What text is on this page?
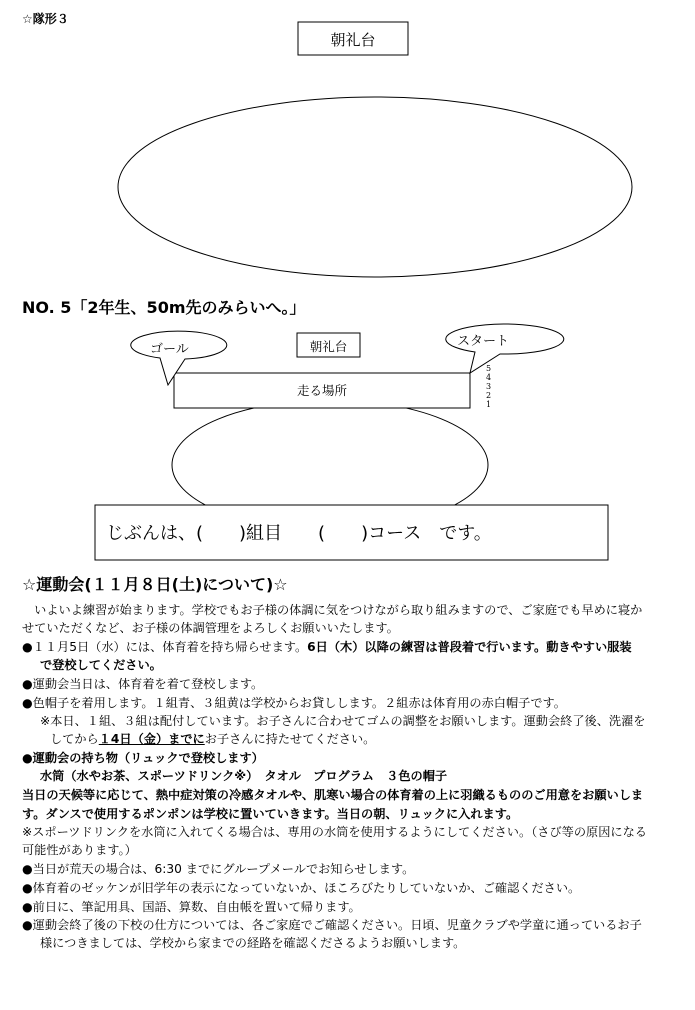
☆隊形３
朝礼台
NO. 5「2年生、50m先のみらいへ。」
ゴール	朝礼台	スタート
走る場所
5
4
3
2
1
じぶんは、(　　)組目　　(　　)コース　です。
☆運動会(１１月８日(土)について)☆
　いよいよ練習が始まります。学校でもお子様の体調に気をつけながら取り組みますので、ご家庭でも早めに寝か
せていただくなど、お子様の体調管理をよろしくお願いいたします。
●１１月5日（水）には、体育着を持ち帰らせます。6日（木）以降の練習は普段着で行います。動きやすい服装
で登校してください。
●運動会当日は、体育着を着て登校します。
●色帽子を着用します。１組青、３組黄は学校からお貸しします。２組赤は体育用の赤白帽子です。
※本日、１組、３組は配付しています。お子さんに合わせてゴムの調整をお願いします。運動会終了後、洗濯を
してから１4日（金）までにお子さんに持たせてください。
●運動会の持ち物（リュックで登校します）
水筒（水やお茶、スポーツドリンク※）　タオル　プログラム　３色の帽子
当日の天候等に応じて、熱中症対策の冷感タオルや、肌寒い場合の体育着の上に羽織るもののご用意をお願いしま
す。ダンスで使用するポンポンは学校に置いていきます。当日の朝、リュックに入れます。
※スポーツドリンクを水筒に入れてくる場合は、専用の水筒を使用するようにしてください。（さび等の原因になる
可能性があります。）
●当日が荒天の場合は、6:30 までにグループメールでお知らせします。
●体育着のゼッケンが旧学年の表示になっていないか、ほころびたりしていないか、ご確認ください。
●前日に、筆記用具、国語、算数、自由帳を置いて帰ります。
●運動会終了後の下校の仕方については、各ご家庭でご確認ください。日頃、児童クラブや学童に通っているお子
様につきましては、学校から家までの経路を確認くださるようお願いします。
